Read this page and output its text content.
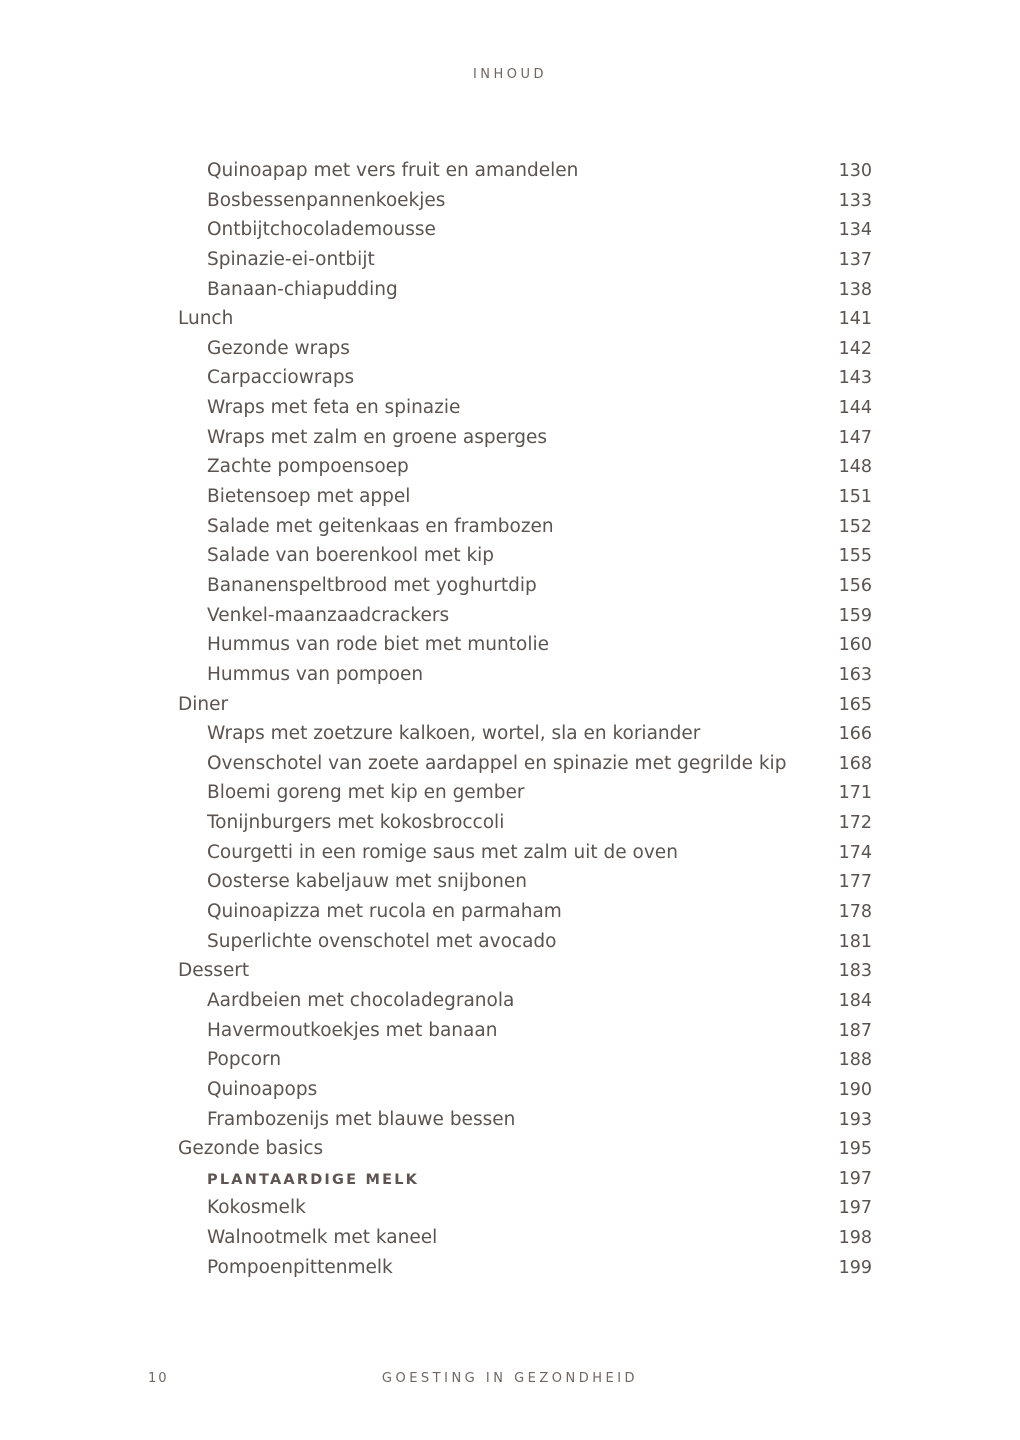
INHOUD
Quinoapap met vers fruit en amandelen	130
Bosbessenpannenkoekjes	133
Ontbijtchocolademousse	134
Spinazie-ei-ontbijt	137
Banaan-chiapudding	138
Lunch	141
Gezonde wraps	142
Carpacciowraps	143
Wraps met feta en spinazie	144
Wraps met zalm en groene asperges	147
Zachte pompoensoep	148
Bietensoep met appel	151
Salade met geitenkaas en frambozen	152
Salade van boerenkool met kip	155
Bananenspeltbrood met yoghurtdip	156
Venkel-maanzaadcrackers	159
Hummus van rode biet met muntolie	160
Hummus van pompoen	163
Diner	165
Wraps met zoetzure kalkoen, wortel, sla en koriander	166
Ovenschotel van zoete aardappel en spinazie met gegrilde kip	168
Bloemi goreng met kip en gember	171
Tonijnburgers met kokosbroccoli	172
Courgetti in een romige saus met zalm uit de oven	174
Oosterse kabeljauw met snijbonen	177
Quinoapizza met rucola en parmaham	178
Superlichte ovenschotel met avocado	181
Dessert	183
Aardbeien met chocoladegranola	184
Havermoutkoekjes met banaan	187
Popcorn	188
Quinoapops	190
Frambozenijs met blauwe bessen	193
Gezonde basics	195
PLANTAARDIGE MELK	197
Kokosmelk	197
Walnootmelk met kaneel	198
Pompoenpittenmelk	199
10	GOESTING IN GEZONDHEID
